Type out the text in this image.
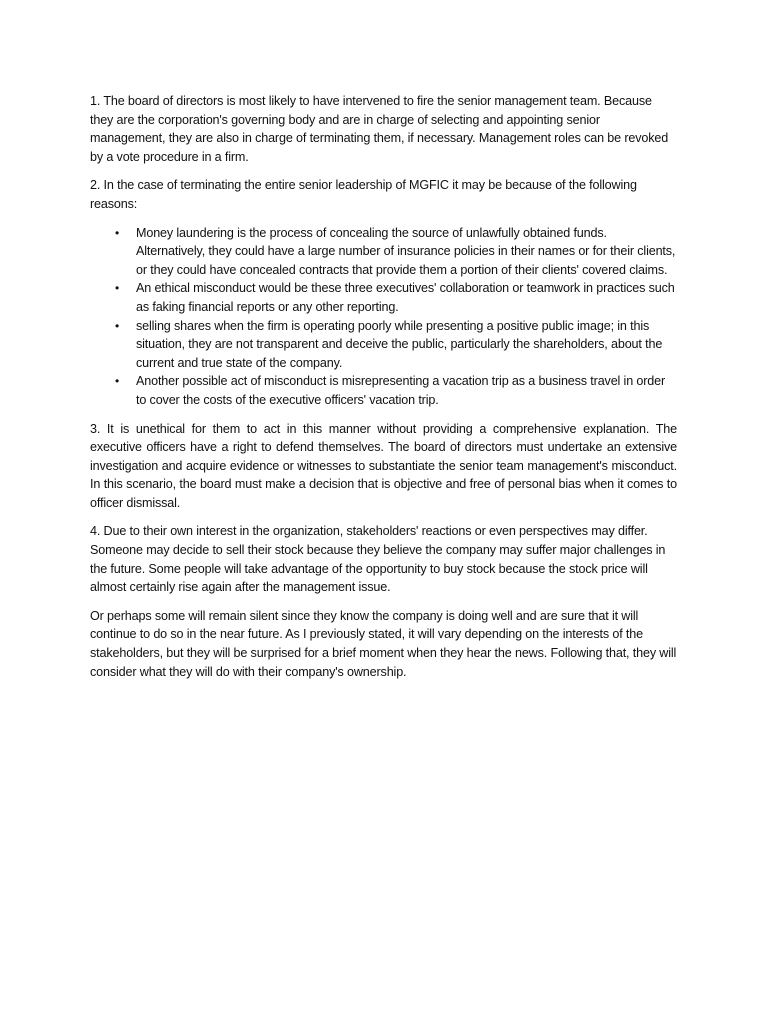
1. The board of directors is most likely to have intervened to fire the senior management team. Because they are the corporation's governing body and are in charge of selecting and appointing senior management, they are also in charge of terminating them, if necessary. Management roles can be revoked by a vote procedure in a firm.

2. In the case of terminating the entire senior leadership of MGFIC it may be because of the following reasons:

• Money laundering is the process of concealing the source of unlawfully obtained funds. Alternatively, they could have a large number of insurance policies in their names or for their clients, or they could have concealed contracts that provide them a portion of their clients' covered claims.
• An ethical misconduct would be these three executives' collaboration or teamwork in practices such as faking financial reports or any other reporting.
• selling shares when the firm is operating poorly while presenting a positive public image; in this situation, they are not transparent and deceive the public, particularly the shareholders, about the current and true state of the company.
• Another possible act of misconduct is misrepresenting a vacation trip as a business travel in order to cover the costs of the executive officers' vacation trip.

3. It is unethical for them to act in this manner without providing a comprehensive explanation. The executive officers have a right to defend themselves. The board of directors must undertake an extensive investigation and acquire evidence or witnesses to substantiate the senior team management's misconduct. In this scenario, the board must make a decision that is objective and free of personal bias when it comes to officer dismissal.

4. Due to their own interest in the organization, stakeholders' reactions or even perspectives may differ. Someone may decide to sell their stock because they believe the company may suffer major challenges in the future. Some people will take advantage of the opportunity to buy stock because the stock price will almost certainly rise again after the management issue.

Or perhaps some will remain silent since they know the company is doing well and are sure that it will continue to do so in the near future. As I previously stated, it will vary depending on the interests of the stakeholders, but they will be surprised for a brief moment when they hear the news. Following that, they will consider what they will do with their company's ownership.
